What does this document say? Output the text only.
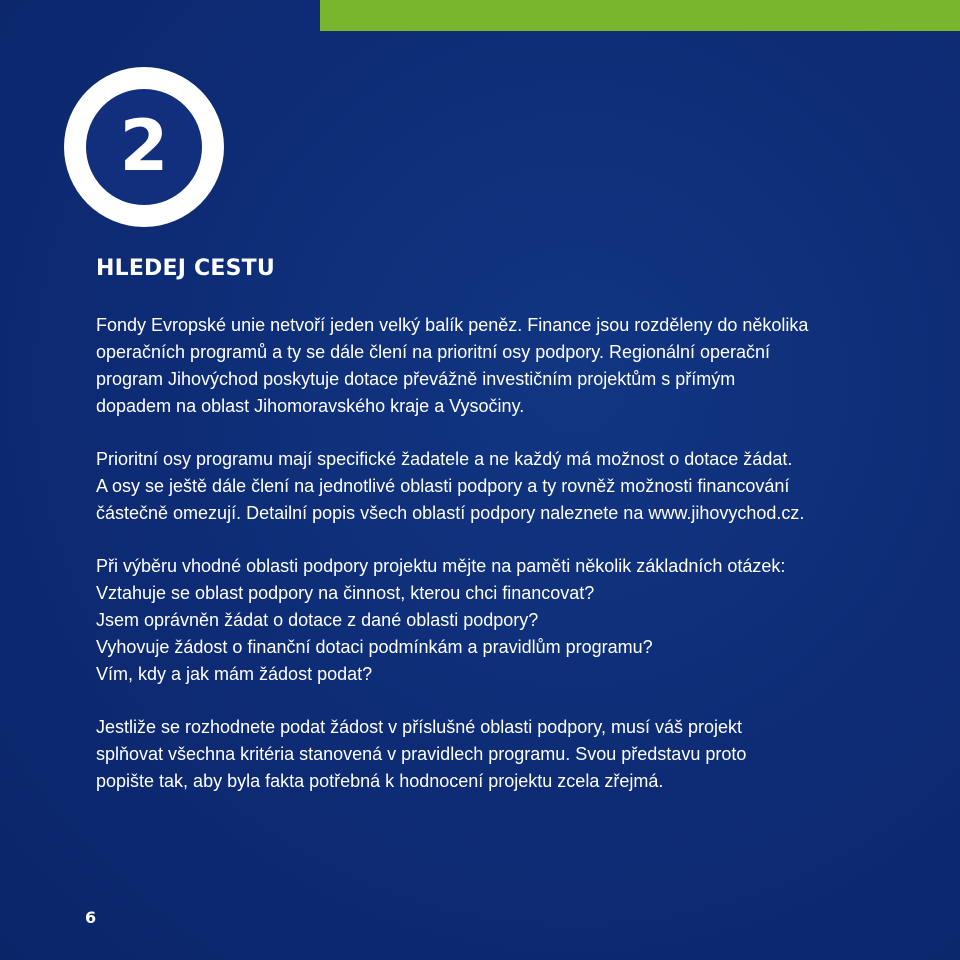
2
HLEDEJ CESTU

Fondy Evropské unie netvoří jeden velký balík peněz. Finance jsou rozděleny do několika
operačních programů a ty se dále člení na prioritní osy podpory. Regionální operační
program Jihovýchod poskytuje dotace převážně investičním projektům s přímým
dopadem na oblast Jihomoravského kraje a Vysočiny.

Prioritní osy programu mají specifické žadatele a ne každý má možnost o dotace žádat.
A osy se ještě dále člení na jednotlivé oblasti podpory a ty rovněž možnosti financování
částečně omezují. Detailní popis všech oblastí podpory naleznete na www.jihovychod.cz.

Při výběru vhodné oblasti podpory projektu mějte na paměti několik základních otázek:
Vztahuje se oblast podpory na činnost, kterou chci financovat?
Jsem oprávněn žádat o dotace z dané oblasti podpory?
Vyhovuje žádost o finanční dotaci podmínkám a pravidlům programu?
Vím, kdy a jak mám žádost podat?

Jestliže se rozhodnete podat žádost v příslušné oblasti podpory, musí váš projekt
splňovat všechna kritéria stanovená v pravidlech programu. Svou představu proto
popište tak, aby byla fakta potřebná k hodnocení projektu zcela zřejmá.

6
